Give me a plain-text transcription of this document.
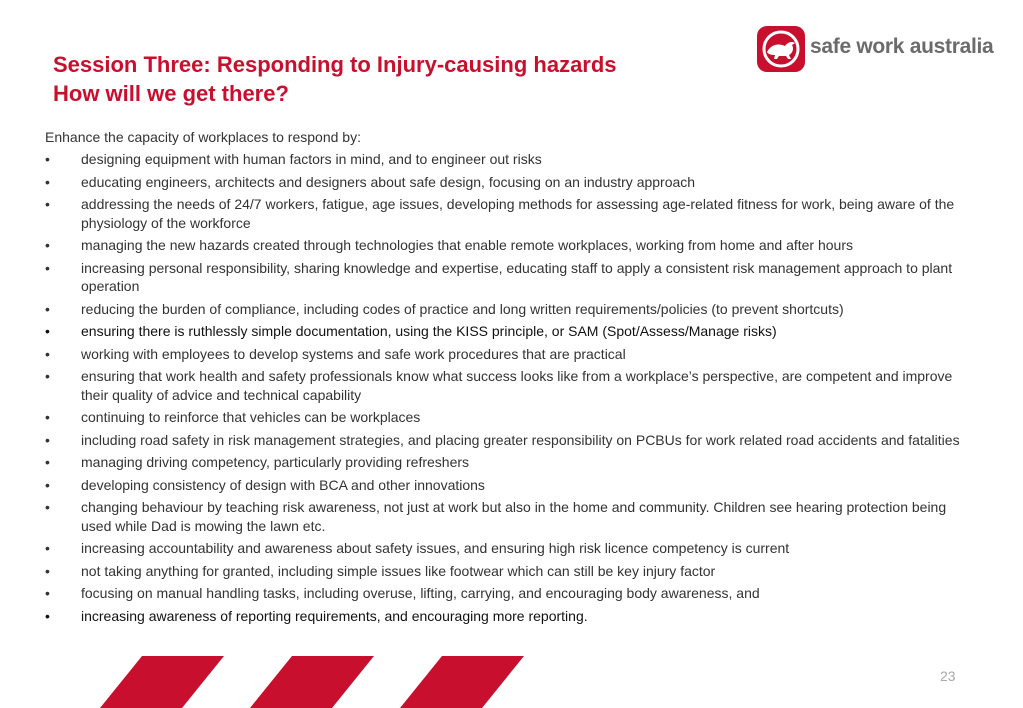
Session Three: Responding to Injury-causing hazards
How will we get there?
safe work australia
Enhance the capacity of workplaces to respond by:
• designing equipment with human factors in mind, and to engineer out risks
• educating engineers, architects and designers about safe design, focusing on an industry approach
• addressing the needs of 24/7 workers, fatigue, age issues, developing methods for assessing age-related fitness for work, being aware of the physiology of the workforce
• managing the new hazards created through technologies that enable remote workplaces, working from home and after hours
• increasing personal responsibility, sharing knowledge and expertise, educating staff to apply a consistent risk management approach to plant operation
• reducing the burden of compliance, including codes of practice and long written requirements/policies (to prevent shortcuts)
• ensuring there is ruthlessly simple documentation, using the KISS principle, or SAM (Spot/Assess/Manage risks)
• working with employees to develop systems and safe work procedures that are practical
• ensuring that work health and safety professionals know what success looks like from a workplace’s perspective, are competent and improve their quality of advice and technical capability
• continuing to reinforce that vehicles can be workplaces
• including road safety in risk management strategies, and placing greater responsibility on PCBUs for work related road accidents and fatalities
• managing driving competency, particularly providing refreshers
• developing consistency of design with BCA and other innovations
• changing behaviour by teaching risk awareness, not just at work but also in the home and community. Children see hearing protection being used while Dad is mowing the lawn etc.
• increasing accountability and awareness about safety issues, and ensuring high risk licence competency is current
• not taking anything for granted, including simple issues like footwear which can still be key injury factor
• focusing on manual handling tasks, including overuse, lifting, carrying, and encouraging body awareness, and
• increasing awareness of reporting requirements, and encouraging more reporting.
23
